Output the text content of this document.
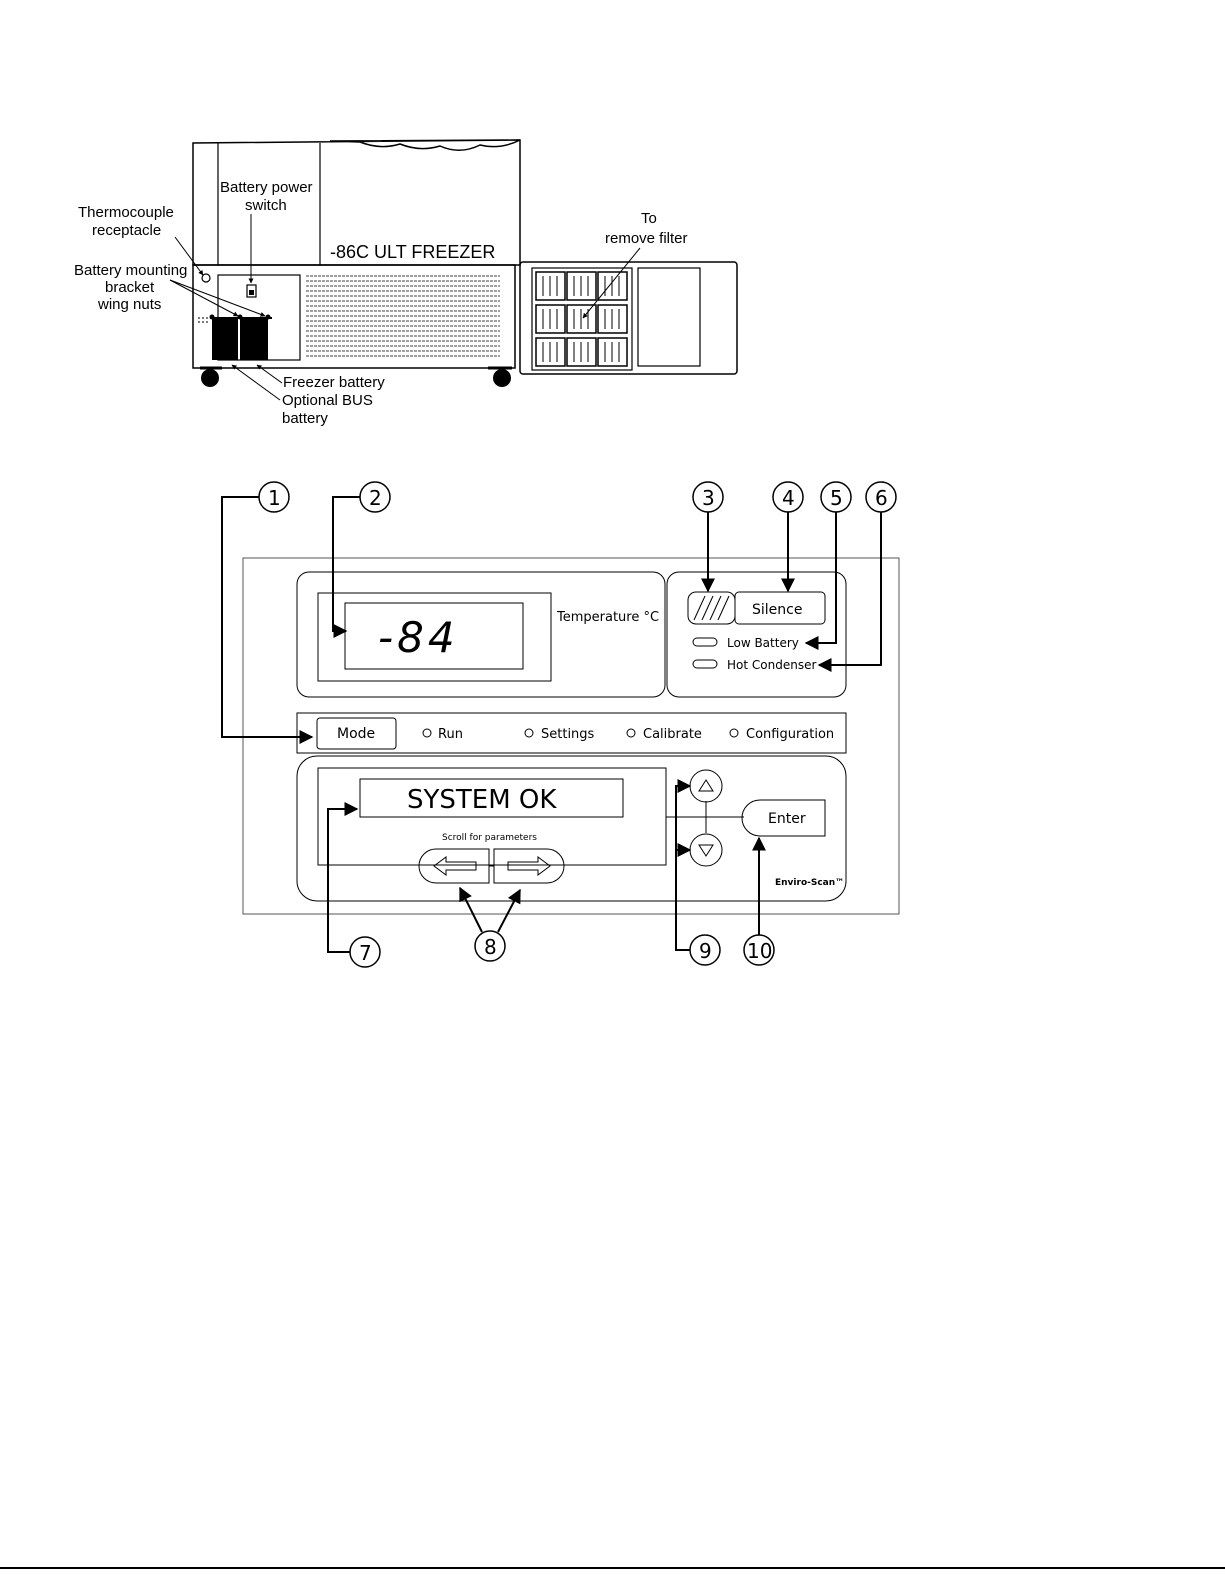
-86C ULT FREEZER
Thermocouple
receptacle
Battery power
switch
Battery mounting
bracket
wing nuts
To
remove filter
Freezer battery
Optional BUS
battery
-84	Temperature °C	Silence
Low Battery
Hot Condenser
Mode	Run	Settings	Calibrate	Configuration
SYSTEM OK
Scroll for parameters
Enter
Enviro-Scan™
1	2	3	4 5 6
7	8	9 10
